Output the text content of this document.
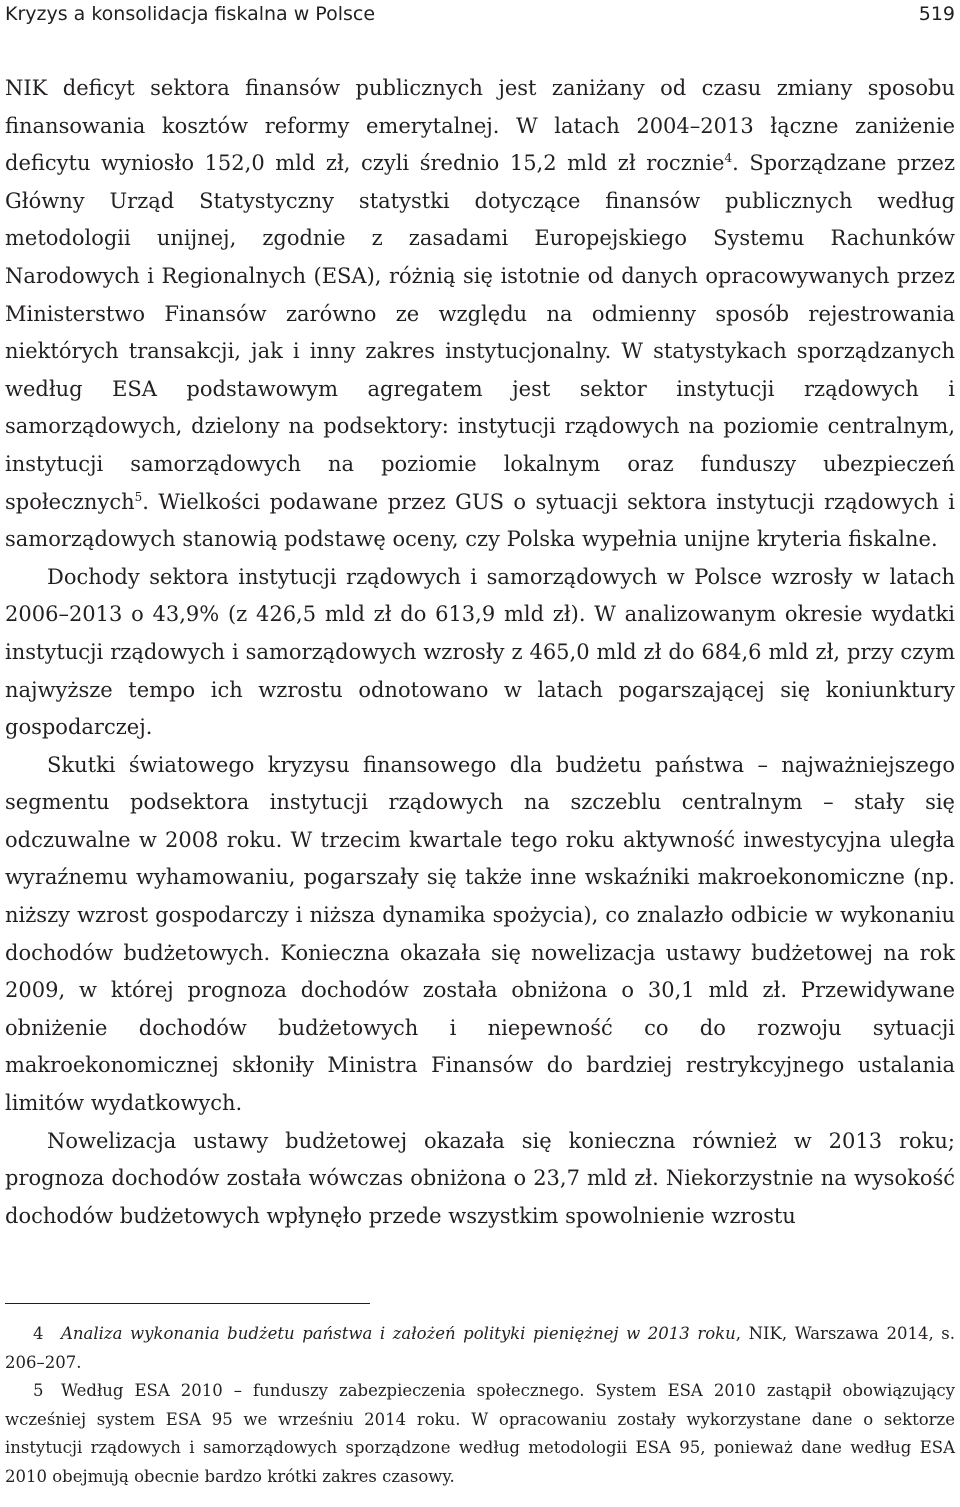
Kryzys a konsolidacja fiskalna w Polsce	519

NIK deficyt sektora finansów publicznych jest zaniżany od czasu zmiany sposobu finansowania kosztów reformy emerytalnej. W latach 2004–2013 łączne zaniżenie deficytu wyniosło 152,0 mld zł, czyli średnio 15,2 mld zł rocznie$^4$. Sporządzane przez Główny Urząd Statystyczny statystki dotyczące finansów publicznych według metodologii unijnej, zgodnie z zasadami Europejskiego Systemu Rachunków Narodowych i Regionalnych (ESA), różnią się istotnie od danych opracowywanych przez Ministerstwo Finansów zarówno ze względu na odmienny sposób rejestrowania niektórych transakcji, jak i inny zakres instytucjonalny. W statystykach sporządzanych według ESA podstawowym agregatem jest sektor instytucji rządowych i samorządowych, dzielony na podsektory: instytucji rządowych na poziomie centralnym, instytucji samorządowych na poziomie lokalnym oraz funduszy ubezpieczeń społecznych$^5$. Wielkości podawane przez GUS o sytuacji sektora instytucji rządowych i samorządowych stanowią podstawę oceny, czy Polska wypełnia unijne kryteria fiskalne.

Dochody sektora instytucji rządowych i samorządowych w Polsce wzrosły w latach 2006–2013 o 43,9% (z 426,5 mld zł do 613,9 mld zł). W analizowanym okresie wydatki instytucji rządowych i samorządowych wzrosły z 465,0 mld zł do 684,6 mld zł, przy czym najwyższe tempo ich wzrostu odnotowano w latach pogarszającej się koniunktury gospodarczej.

Skutki światowego kryzysu finansowego dla budżetu państwa – najważniejszego segmentu podsektora instytucji rządowych na szczeblu centralnym – stały się odczuwalne w 2008 roku. W trzecim kwartale tego roku aktywność inwestycyjna uległa wyraźnemu wyhamowaniu, pogarszały się także inne wskaźniki makroekonomiczne (np. niższy wzrost gospodarczy i niższa dynamika spożycia), co znalazło odbicie w wykonaniu dochodów budżetowych. Konieczna okazała się nowelizacja ustawy budżetowej na rok 2009, w której prognoza dochodów została obniżona o 30,1 mld zł. Przewidywane obniżenie dochodów budżetowych i niepewność co do rozwoju sytuacji makroekonomicznej skłoniły Ministra Finansów do bardziej restrykcyjnego ustalania limitów wydatkowych.

Nowelizacja ustawy budżetowej okazała się konieczna również w 2013 roku; prognoza dochodów została wówczas obniżona o 23,7 mld zł. Niekorzystnie na wysokość dochodów budżetowych wpłynęło przede wszystkim spowolnienie wzrostu

4 Analiza wykonania budżetu państwa i założeń polityki pieniężnej w 2013 roku, NIK, Warszawa 2014, s. 206–207.

5 Według ESA 2010 – funduszy zabezpieczenia społecznego. System ESA 2010 zastąpił obowiązujący wcześniej system ESA 95 we wrześniu 2014 roku. W opracowaniu zostały wykorzystane dane o sektorze instytucji rządowych i samorządowych sporządzone według metodologii ESA 95, ponieważ dane według ESA 2010 obejmują obecnie bardzo krótki zakres czasowy.
